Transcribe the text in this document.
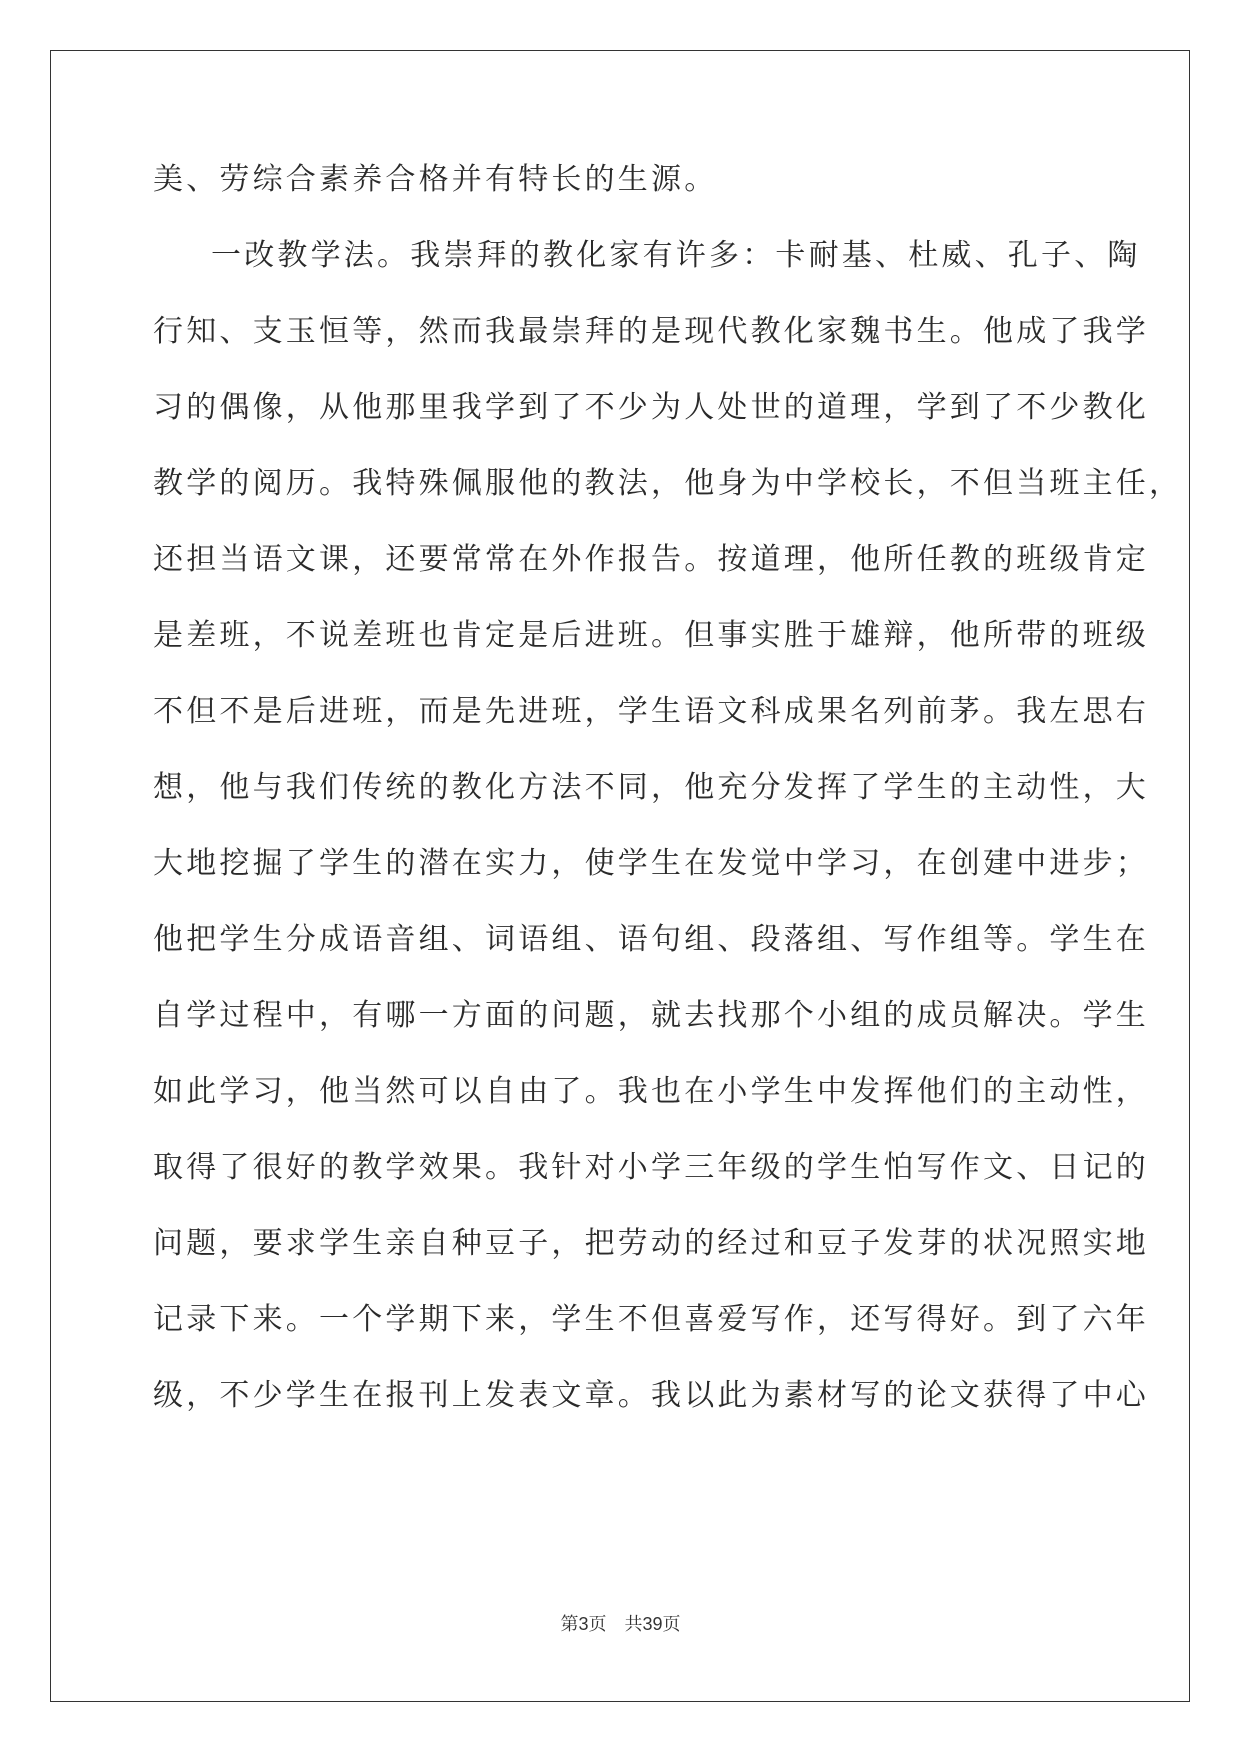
美、劳综合素养合格并有特长的生源。
一改教学法。我崇拜的教化家有许多：卡耐基、杜威、孔子、陶
行知、支玉恒等，然而我最崇拜的是现代教化家魏书生。他成了我学
习的偶像，从他那里我学到了不少为人处世的道理，学到了不少教化
教学的阅历。我特殊佩服他的教法，他身为中学校长，不但当班主任，
还担当语文课，还要常常在外作报告。按道理，他所任教的班级肯定
是差班，不说差班也肯定是后进班。但事实胜于雄辩，他所带的班级
不但不是后进班，而是先进班，学生语文科成果名列前茅。我左思右
想，他与我们传统的教化方法不同，他充分发挥了学生的主动性，大
大地挖掘了学生的潜在实力，使学生在发觉中学习，在创建中进步；
他把学生分成语音组、词语组、语句组、段落组、写作组等。学生在
自学过程中，有哪一方面的问题，就去找那个小组的成员解决。学生
如此学习，他当然可以自由了。我也在小学生中发挥他们的主动性，
取得了很好的教学效果。我针对小学三年级的学生怕写作文、日记的
问题，要求学生亲自种豆子，把劳动的经过和豆子发芽的状况照实地
记录下来。一个学期下来，学生不但喜爱写作，还写得好。到了六年
级，不少学生在报刊上发表文章。我以此为素材写的论文获得了中心
第3页 共39页
